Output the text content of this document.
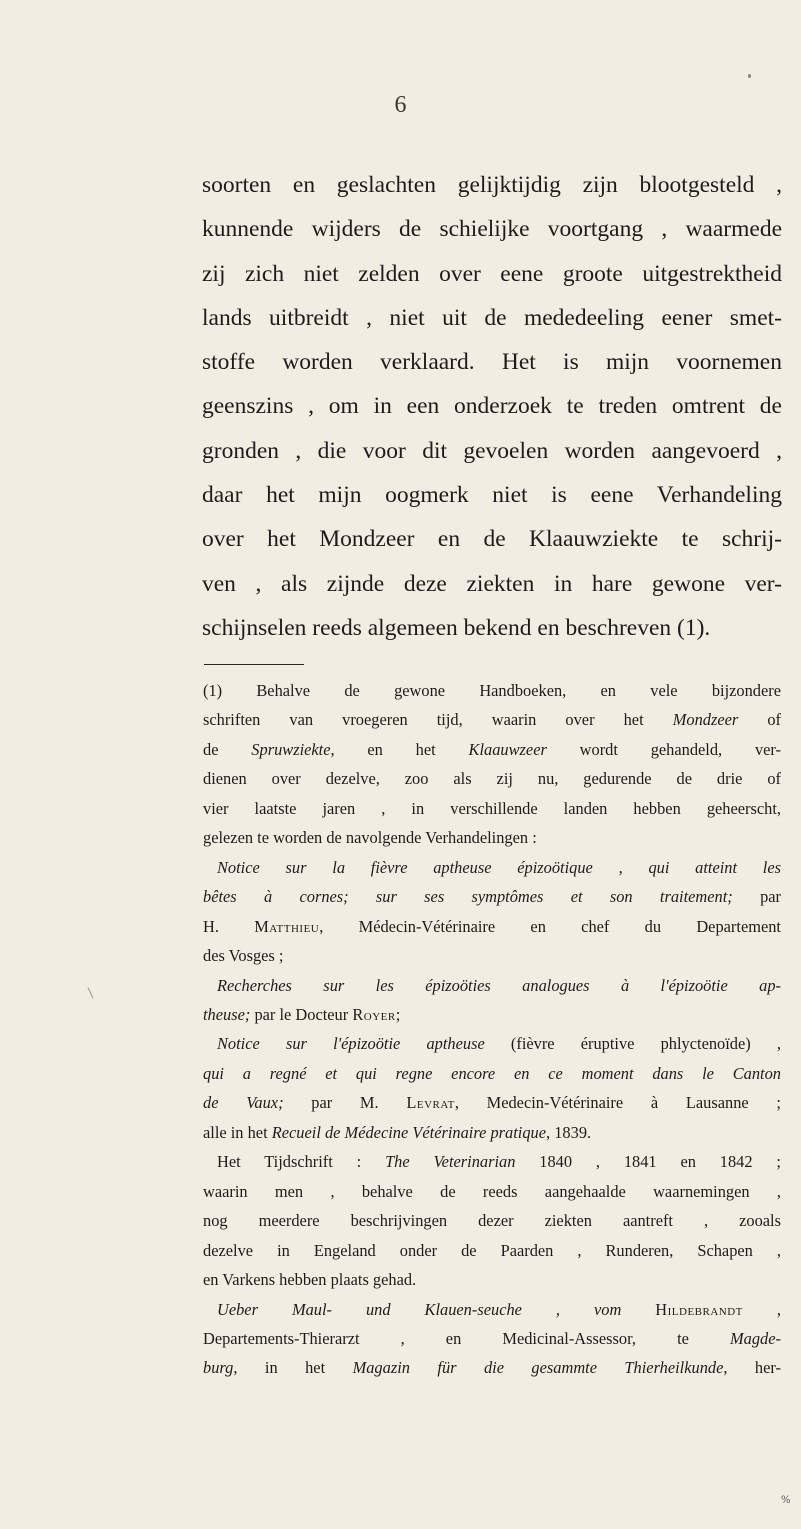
6
soorten en geslachten gelijktijdig zijn blootgesteld ,
kunnende wijders de schielijke voortgang , waarmede
zij zich niet zelden over eene groote uitgestrektheid
lands uitbreidt , niet uit de mededeeling eener smet-
stoffe worden verklaard. Het is mijn voornemen
geenszins , om in een onderzoek te treden omtrent de
gronden , die voor dit gevoelen worden aangevoerd ,
daar het mijn oogmerk niet is eene Verhandeling
over het Mondzeer en de Klaauwziekte te schrij-
ven , als zijnde deze ziekten in hare gewone ver-
schijnselen reeds algemeen bekend en beschreven (1).
(1) Behalve de gewone Handboeken, en vele bijzondere
schriften van vroegeren tijd, waarin over het Mondzeer of
de Spruwziekte, en het Klaauwzeer wordt gehandeld, ver-
dienen over dezelve, zoo als zij nu, gedurende de drie of
vier laatste jaren , in verschillende landen hebben geheerscht,
gelezen te worden de navolgende Verhandelingen :
Notice sur la fièvre aptheuse épizoötique , qui atteint les
bêtes à cornes; sur ses symptômes et son traitement; par
H. Matthieu, Médecin-Vétérinaire en chef du Departement
des Vosges ;
Recherches sur les épizoöties analogues à l'épizoötie ap-
theuse; par le Docteur Royer;
Notice sur l'épizoötie aptheuse (fièvre éruptive phlyctenoïde) ,
qui a regné et qui regne encore en ce moment dans le Canton
de Vaux; par M. Levrat, Medecin-Vétérinaire à Lausanne ;
alle in het Recueil de Médecine Vétérinaire pratique, 1839.
Het Tijdschrift : The Veterinarian 1840 , 1841 en 1842 ;
waarin men , behalve de reeds aangehaalde waarnemingen ,
nog meerdere beschrijvingen dezer ziekten aantreft , zooals
dezelve in Engeland onder de Paarden , Runderen, Schapen ,
en Varkens hebben plaats gehad.
Ueber Maul- und Klauen-seuche , vom Hildebrandt ,
Departements-Thierarzt , en Medicinal-Assessor, te	Magde-
burg, in het Magazin für die gesammte Thierheilkunde, her-
%
